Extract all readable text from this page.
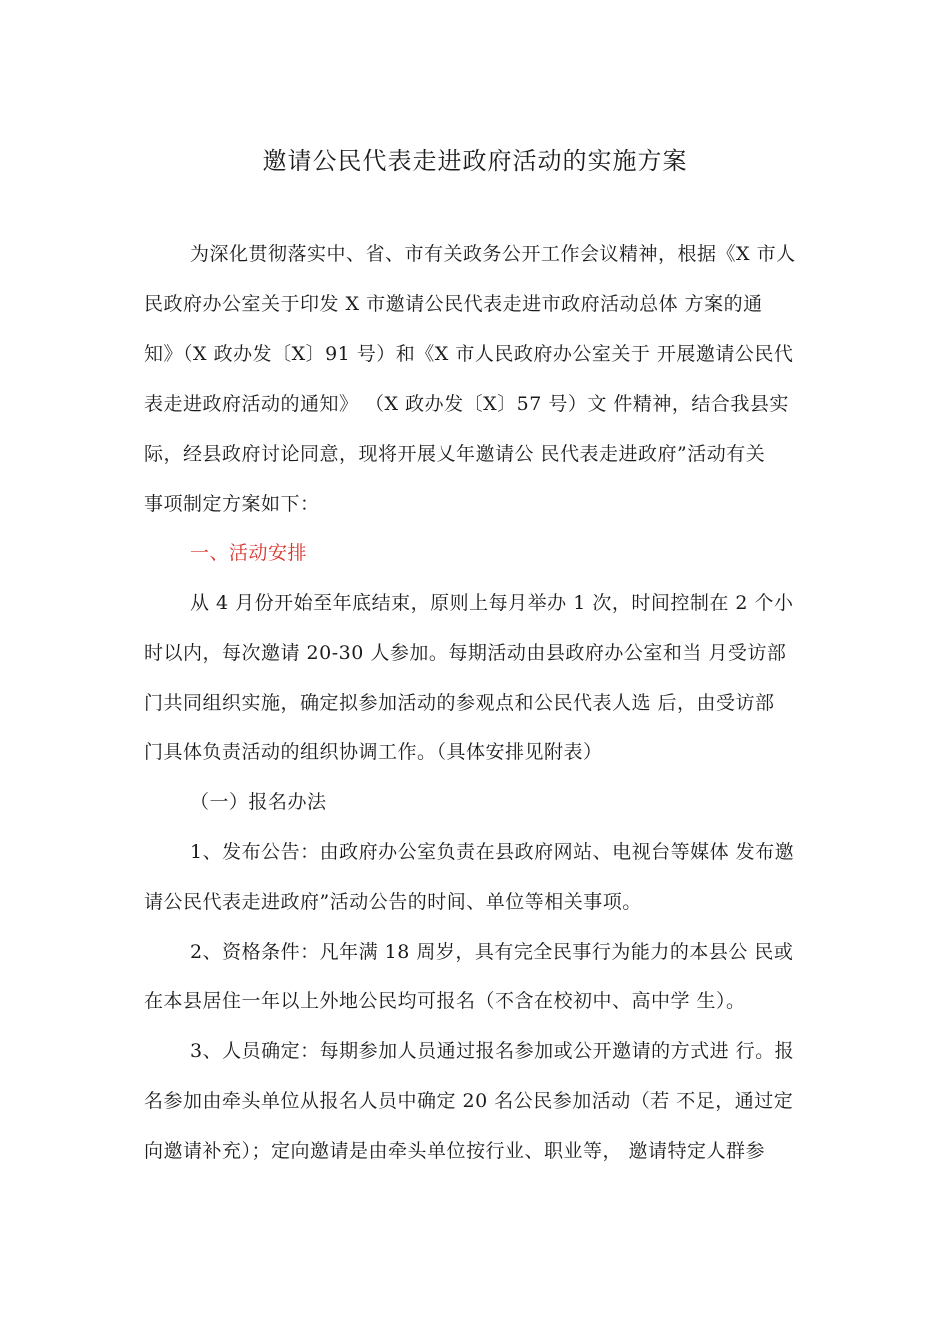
邀请公民代表走进政府活动的实施方案
为深化贯彻落实中、省、市有关政务公开工作会议精神，根据《X 市人
民政府办公室关于印发 X 市邀请公民代表走进市政府活动总体 方案的通
知》（X 政办发〔X〕91 号）和《X 市人民政府办公室关于 开展邀请公民代
表走进政府活动的通知》 （X 政办发〔X〕57 号）文 件精神，结合我县实
际，经县政府讨论同意，现将开展乂年邀请公 民代表走进政府”活动有关
事项制定方案如下：
一、活动安排
从 4 月份开始至年底结束，原则上每月举办 1 次，时间控制在 2 个小
时以内，每次邀请 20-30 人参加。每期活动由县政府办公室和当 月受访部
门共同组织实施，确定拟参加活动的参观点和公民代表人选 后，由受访部
门具体负责活动的组织协调工作。（具体安排见附表）
（一）报名办法
1、发布公告：由政府办公室负责在县政府网站、电视台等媒体 发布邀
请公民代表走进政府”活动公告的时间、单位等相关事项。
2、资格条件：凡年满 18 周岁，具有完全民事行为能力的本县公 民或
在本县居住一年以上外地公民均可报名（不含在校初中、高中学 生）。
3、人员确定：每期参加人员通过报名参加或公开邀请的方式进 行。报
名参加由牵头单位从报名人员中确定 20 名公民参加活动（若 不足，通过定
向邀请补充）；定向邀请是由牵头单位按行业、职业等， 邀请特定人群参
